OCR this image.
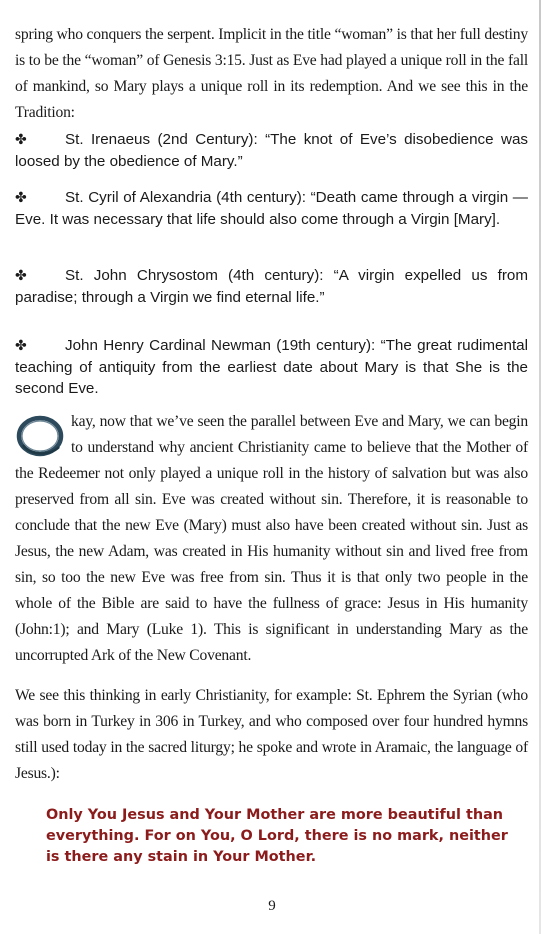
spring who conquers the serpent. Implicit in the title “woman” is that her full destiny is to be the “woman” of Genesis 3:15. Just as Eve had played a unique roll in the fall of mankind, so Mary plays a unique roll in its redemption. And we see this in the Tradition:

✤	St. Irenaeus (2nd Century): “The knot of Eve’s disobedience was loosed by the obedience of Mary.”

✤	St. Cyril of Alexandria (4th century): “Death came through a virgin — Eve. It was necessary that life should also come through a Virgin [Mary].

✤	St. John Chrysostom (4th century): “A virgin expelled us from paradise; through a Virgin we find eternal life.”

✤	John Henry Cardinal Newman (19th century): “The great rudimental teaching of antiquity from the earliest date about Mary is that She is the second Eve.

kay, now that we’ve seen the parallel between Eve and Mary, we can begin to understand why ancient Christianity came to believe that the Mother of the Redeemer not only played a unique roll in the history of salvation but was also preserved from all sin. Eve was created without sin. Therefore, it is reasonable to conclude that the new Eve (Mary) must also have been created without sin. Just as Jesus, the new Adam, was created in His humanity without sin and lived free from sin, so too the new Eve was free from sin. Thus it is that only two people in the whole of the Bible are said to have the fullness of grace: Jesus in His humanity (John:1); and Mary (Luke 1). This is significant in understanding Mary as the uncorrupted Ark of the New Covenant.

We see this thinking in early Christianity, for example: St. Ephrem the Syrian (who was born in Turkey in 306 in Turkey, and who composed over four hundred hymns still used today in the sacred liturgy; he spoke and wrote in Aramaic, the language of Jesus.):

Only You Jesus and Your Mother are more beautiful than everything. For on You, O Lord, there is no mark, neither is there any stain in Your Mother.

9
